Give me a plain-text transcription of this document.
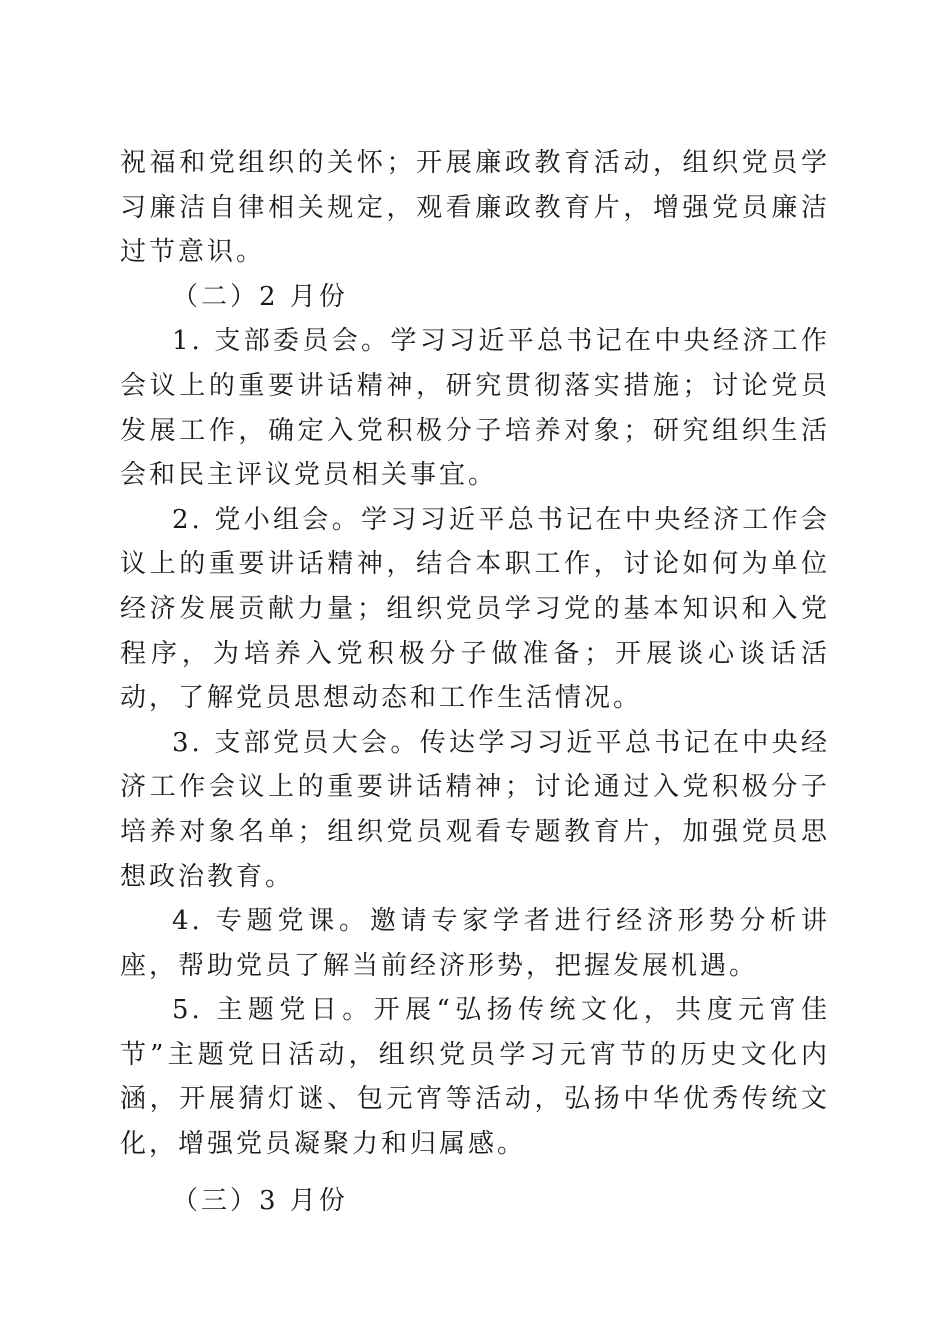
祝福和党组织的关怀；开展廉政教育活动，组织党员学习廉洁自律相关规定，观看廉政教育片，增强党员廉洁过节意识。

（二）2 月份

1. 支部委员会。学习习近平总书记在中央经济工作会议上的重要讲话精神，研究贯彻落实措施；讨论党员发展工作，确定入党积极分子培养对象；研究组织生活会和民主评议党员相关事宜。

2. 党小组会。学习习近平总书记在中央经济工作会议上的重要讲话精神，结合本职工作，讨论如何为单位经济发展贡献力量；组织党员学习党的基本知识和入党程序，为培养入党积极分子做准备；开展谈心谈话活动，了解党员思想动态和工作生活情况。

3. 支部党员大会。传达学习习近平总书记在中央经济工作会议上的重要讲话精神；讨论通过入党积极分子培养对象名单；组织党员观看专题教育片，加强党员思想政治教育。

4. 专题党课。邀请专家学者进行经济形势分析讲座，帮助党员了解当前经济形势，把握发展机遇。

5. 主题党日。开展“弘扬传统文化，共度元宵佳节”主题党日活动，组织党员学习元宵节的历史文化内涵，开展猜灯谜、包元宵等活动，弘扬中华优秀传统文化，增强党员凝聚力和归属感。

（三）3 月份
